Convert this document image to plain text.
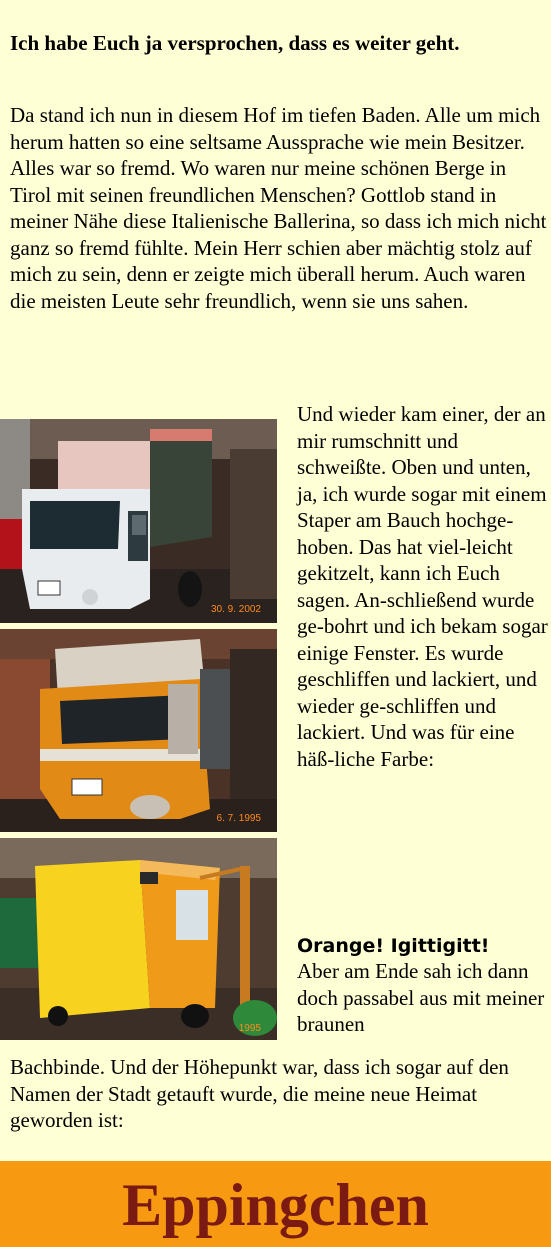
Ich habe Euch ja versprochen, dass es weiter geht.
Da stand ich nun in diesem Hof im tiefen Baden. Alle um mich herum hatten so eine seltsame Aussprache wie mein Besitzer. Alles war so fremd. Wo waren nur meine schönen Berge in Tirol mit seinen freundlichen Menschen? Gottlob stand in meiner Nähe diese Italienische Ballerina, so dass ich mich nicht ganz so fremd fühlte. Mein Herr schien aber mächtig stolz auf mich zu sein, denn er zeigte mich überall herum. Auch waren die meisten Leute sehr freundlich, wenn sie uns sahen.
30. 9. 2002
6. 7. 1995
1995
Und wieder kam einer, der an mir rumschnitt und schweißte. Oben und unten, ja, ich wurde sogar mit einem Staper am Bauch hochge-hoben. Das hat viel-leicht gekitzelt, kann ich Euch sagen. An-schließend wurde ge-bohrt und ich bekam sogar einige Fenster. Es wurde geschliffen und lackiert, und wieder ge-schliffen und lackiert. Und was für eine häß-liche Farbe:
Orange! Igittigitt!
Aber am Ende sah ich dann doch passabel aus mit meiner braunen
Bachbinde. Und der Höhepunkt war, dass ich sogar auf den Namen der Stadt getauft wurde, die meine neue Heimat geworden ist:
Eppingchen
